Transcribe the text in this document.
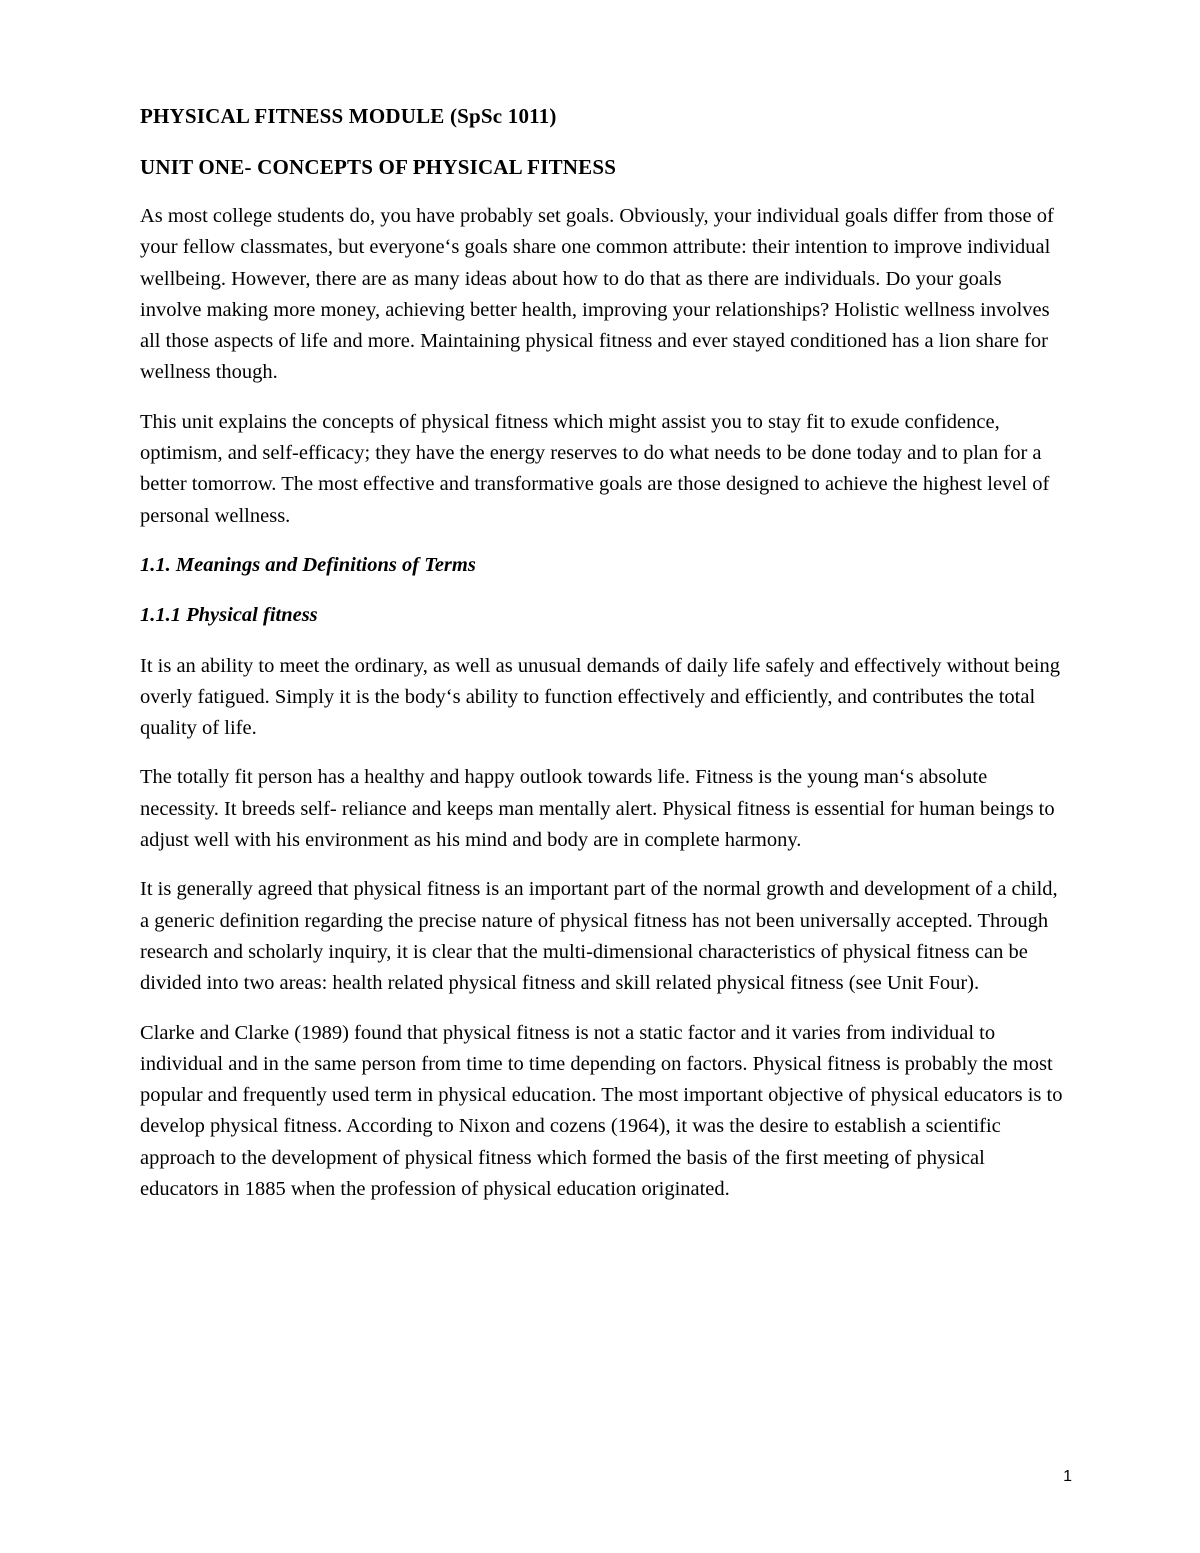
PHYSICAL FITNESS MODULE (SpSc 1011)
UNIT ONE- CONCEPTS OF PHYSICAL FITNESS

As most college students do, you have probably set goals. Obviously, your individual goals differ from those of your fellow classmates, but everyone‘s goals share one common attribute: their intention to improve individual wellbeing. However, there are as many ideas about how to do that as there are individuals. Do your goals involve making more money, achieving better health, improving your relationships? Holistic wellness involves all those aspects of life and more. Maintaining physical fitness and ever stayed conditioned has a lion share for wellness though.

This unit explains the concepts of physical fitness which might assist you to stay fit to exude confidence, optimism, and self-efficacy; they have the energy reserves to do what needs to be done today and to plan for a better tomorrow. The most effective and transformative goals are those designed to achieve the highest level of personal wellness.

1.1. Meanings and Definitions of Terms
1.1.1 Physical fitness

It is an ability to meet the ordinary, as well as unusual demands of daily life safely and effectively without being overly fatigued. Simply it is the body‘s ability to function effectively and efficiently, and contributes the total quality of life.

The totally fit person has a healthy and happy outlook towards life. Fitness is the young man‘s absolute necessity. It breeds self- reliance and keeps man mentally alert. Physical fitness is essential for human beings to adjust well with his environment as his mind and body are in complete harmony.

It is generally agreed that physical fitness is an important part of the normal growth and development of a child, a generic definition regarding the precise nature of physical fitness has not been universally accepted. Through research and scholarly inquiry, it is clear that the multi-dimensional characteristics of physical fitness can be divided into two areas: health related physical fitness and skill related physical fitness (see Unit Four).

Clarke and Clarke (1989) found that physical fitness is not a static factor and it varies from individual to individual and in the same person from time to time depending on factors. Physical fitness is probably the most popular and frequently used term in physical education. The most important objective of physical educators is to develop physical fitness. According to Nixon and cozens (1964), it was the desire to establish a scientific approach to the development of physical fitness which formed the basis of the first meeting of physical educators in 1885 when the profession of physical education originated.

1
